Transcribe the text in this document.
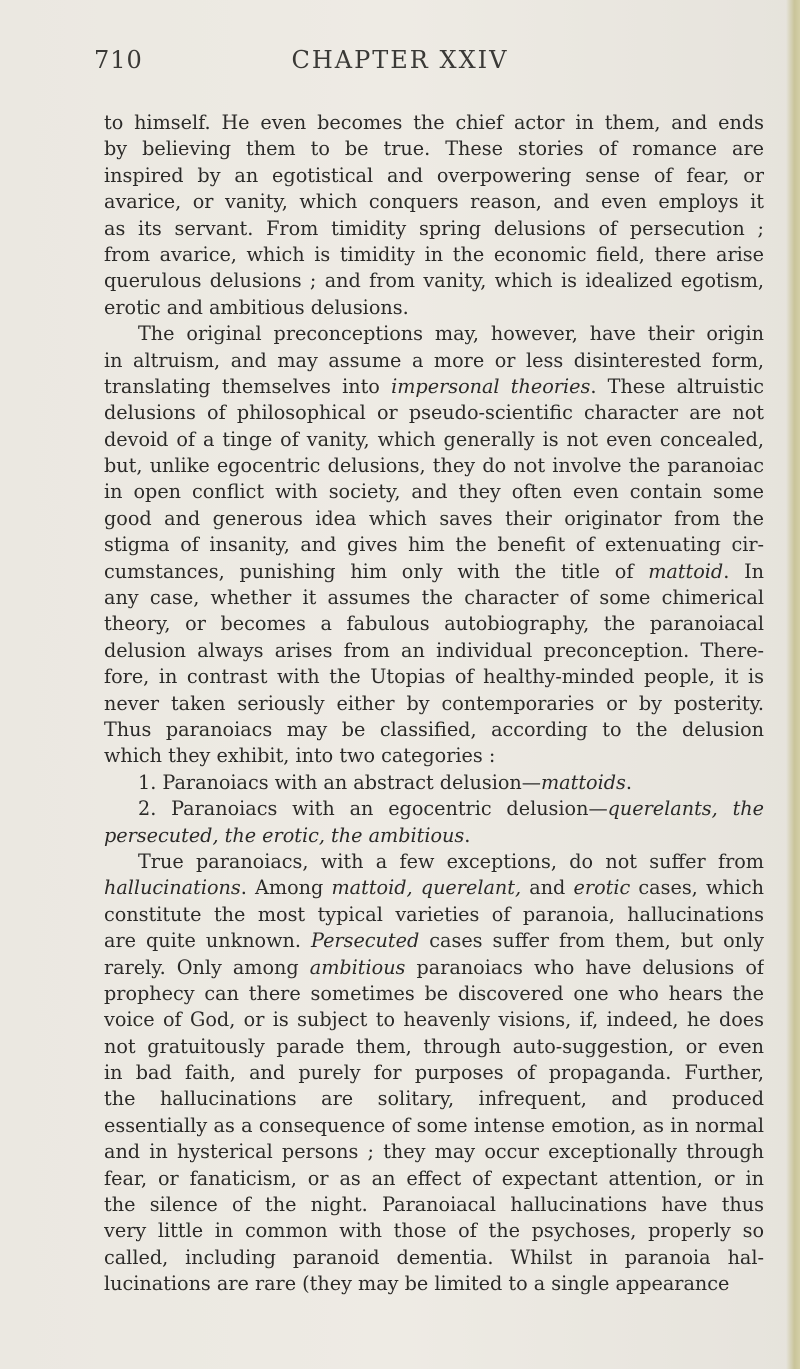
710	CHAPTER XXIV
to himself. He even becomes the chief actor in them, and ends
by believing them to be true. These stories of romance are
inspired by an egotistical and overpowering sense of fear, or
avarice, or vanity, which conquers reason, and even employs it
as its servant. From timidity spring delusions of persecution ;
from avarice, which is timidity in the economic field, there arise
querulous delusions ; and from vanity, which is idealized egotism,
erotic and ambitious delusions.
The original preconceptions may, however, have their origin
in altruism, and may assume a more or less disinterested form,
translating themselves into impersonal theories. These altruistic
delusions of philosophical or pseudo-scientific character are not
devoid of a tinge of vanity, which generally is not even concealed,
but, unlike egocentric delusions, they do not involve the paranoiac
in open conflict with society, and they often even contain some
good and generous idea which saves their originator from the
stigma of insanity, and gives him the benefit of extenuating cir-
cumstances, punishing him only with the title of mattoid. In
any case, whether it assumes the character of some chimerical
theory, or becomes a fabulous autobiography, the paranoiacal
delusion always arises from an individual preconception. There-
fore, in contrast with the Utopias of healthy-minded people, it is
never taken seriously either by contemporaries or by posterity.
Thus paranoiacs may be classified, according to the delusion
which they exhibit, into two categories :
1. Paranoiacs with an abstract delusion—mattoids.
2. Paranoiacs with an egocentric delusion—querelants, the
persecuted, the erotic, the ambitious.
True paranoiacs, with a few exceptions, do not suffer from
hallucinations. Among mattoid, querelant, and erotic cases, which
constitute the most typical varieties of paranoia, hallucinations
are quite unknown. Persecuted cases suffer from them, but only
rarely. Only among ambitious paranoiacs who have delusions of
prophecy can there sometimes be discovered one who hears the
voice of God, or is subject to heavenly visions, if, indeed, he does
not gratuitously parade them, through auto-suggestion, or even
in bad faith, and purely for purposes of propaganda. Further,
the hallucinations are solitary, infrequent, and produced
essentially as a consequence of some intense emotion, as in normal
and in hysterical persons ; they may occur exceptionally through
fear, or fanaticism, or as an effect of expectant attention, or in
the silence of the night. Paranoiacal hallucinations have thus
very little in common with those of the psychoses, properly so
called, including paranoid dementia. Whilst in paranoia hal-
lucinations are rare (they may be limited to a single appearance
